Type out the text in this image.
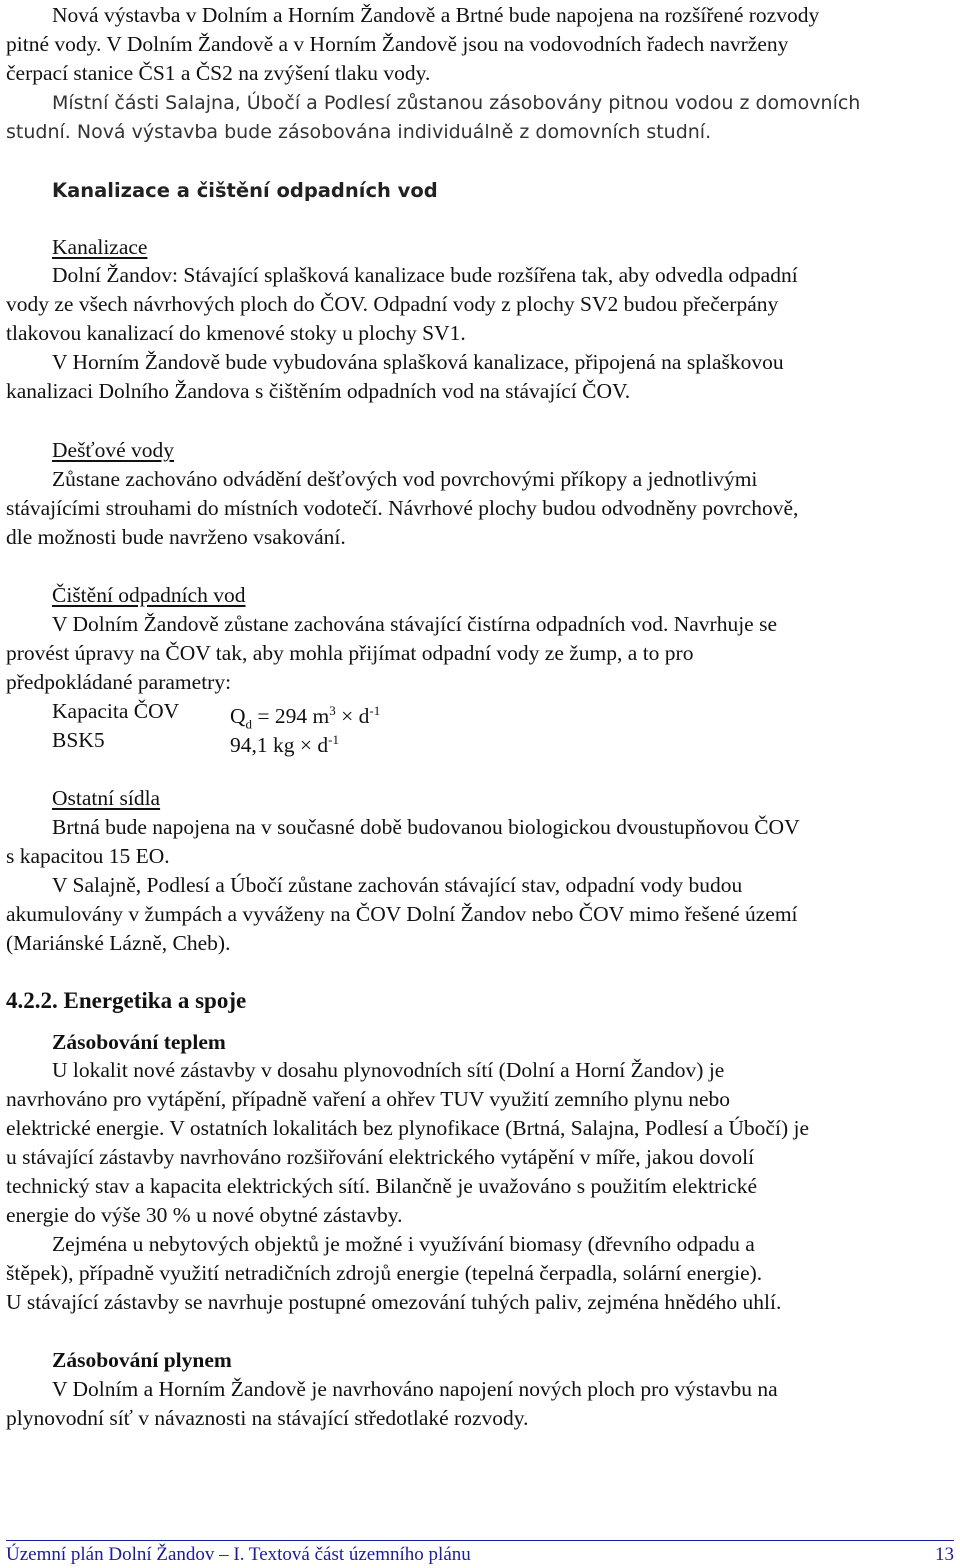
Nová výstavba v Dolním a Horním Žandově a Brtné bude napojena na rozšířené rozvody
pitné vody. V Dolním Žandově a v Horním Žandově jsou na vodovodních řadech navrženy
čerpací stanice ČS1 a ČS2 na zvýšení tlaku vody.
Místní části Salajna, Úbočí a Podlesí zůstanou zásobovány pitnou vodou z domovních
studní. Nová výstavba bude zásobována individuálně z domovních studní.
Kanalizace a čištění odpadních vod
Kanalizace
Dolní Žandov: Stávající splašková kanalizace bude rozšířena tak, aby odvedla odpadní
vody ze všech návrhových ploch do ČOV. Odpadní vody z plochy SV2 budou přečerpány
tlakovou kanalizací do kmenové stoky u plochy SV1.
V Horním Žandově bude vybudována splašková kanalizace, připojená na splaškovou
kanalizaci Dolního Žandova s čištěním odpadních vod na stávající ČOV.
Dešťové vody
Zůstane zachováno odvádění dešťových vod povrchovými příkopy a jednotlivými
stávajícími strouhami do místních vodotečí. Návrhové plochy budou odvodněny povrchově,
dle možnosti bude navrženo vsakování.
Čištění odpadních vod
V Dolním Žandově zůstane zachována stávající čistírna odpadních vod. Navrhuje se
provést úpravy na ČOV tak, aby mohla přijímat odpadní vody ze žump, a to pro
předpokládané parametry:
Kapacita ČOV $Q_d = 294$ $m^3 \times d^{-1}$
BSK5	94,1 kg × $d^{-1}$
Ostatní sídla
Brtná bude napojena na v současné době budovanou biologickou dvoustupňovou ČOV
s kapacitou 15 EO.
V Salajně, Podlesí a Úbočí zůstane zachován stávající stav, odpadní vody budou
akumulovány v žumpách a vyváženy na ČOV Dolní Žandov nebo ČOV mimo řešené území
(Mariánské Lázně, Cheb).
4.2.2. Energetika a spoje
Zásobování teplem
U lokalit nové zástavby v dosahu plynovodních sítí (Dolní a Horní Žandov) je
navrhováno pro vytápění, případně vaření a ohřev TUV využití zemního plynu nebo
elektrické energie. V ostatních lokalitách bez plynofikace (Brtná, Salajna, Podlesí a Úbočí) je
u stávající zástavby navrhováno rozšiřování elektrického vytápění v míře, jakou dovolí
technický stav a kapacita elektrických sítí. Bilančně je uvažováno s použitím elektrické
energie do výše 30 % u nové obytné zástavby.
Zejména u nebytových objektů je možné i využívání biomasy (dřevního odpadu a
štěpek), případně využití netradičních zdrojů energie (tepelná čerpadla, solární energie).
U stávající zástavby se navrhuje postupné omezování tuhých paliv, zejména hnědého uhlí.
Zásobování plynem
V Dolním a Horním Žandově je navrhováno napojení nových ploch pro výstavbu na
plynovodní síť v návaznosti na stávající středotlaké rozvody.
Územní plán Dolní Žandov – I. Textová část územního plánu	13
